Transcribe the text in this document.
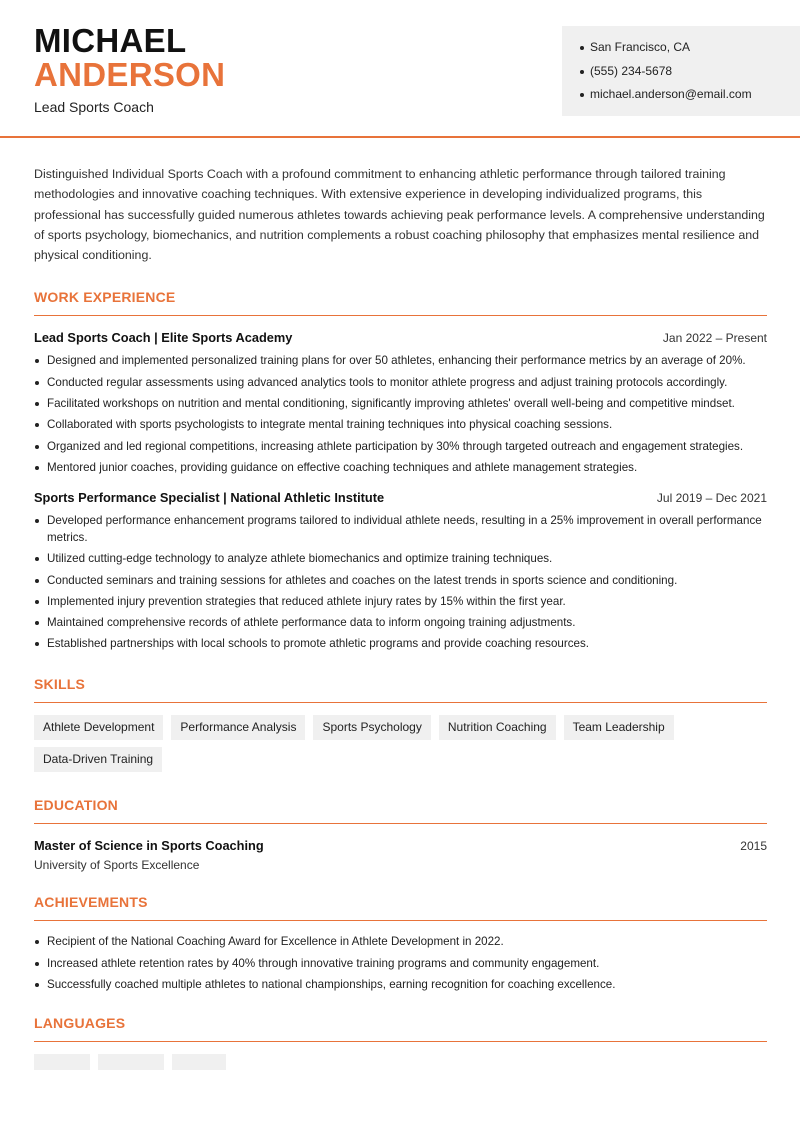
MICHAEL
ANDERSON
Lead Sports Coach
San Francisco, CA
(555) 234-5678
michael.anderson@email.com

Distinguished Individual Sports Coach with a profound commitment to enhancing athletic performance through tailored training methodologies and innovative coaching techniques. With extensive experience in developing individualized programs, this professional has successfully guided numerous athletes towards achieving peak performance levels. A comprehensive understanding of sports psychology, biomechanics, and nutrition complements a robust coaching philosophy that emphasizes mental resilience and physical conditioning.

WORK EXPERIENCE
Lead Sports Coach | Elite Sports Academy	Jan 2022 – Present
Designed and implemented personalized training plans for over 50 athletes, enhancing their performance metrics by an average of 20%.
Conducted regular assessments using advanced analytics tools to monitor athlete progress and adjust training protocols accordingly.
Facilitated workshops on nutrition and mental conditioning, significantly improving athletes' overall well-being and competitive mindset.
Collaborated with sports psychologists to integrate mental training techniques into physical coaching sessions.
Organized and led regional competitions, increasing athlete participation by 30% through targeted outreach and engagement strategies.
Mentored junior coaches, providing guidance on effective coaching techniques and athlete management strategies.
Sports Performance Specialist | National Athletic Institute	Jul 2019 – Dec 2021
Developed performance enhancement programs tailored to individual athlete needs, resulting in a 25% improvement in overall performance metrics.
Utilized cutting-edge technology to analyze athlete biomechanics and optimize training techniques.
Conducted seminars and training sessions for athletes and coaches on the latest trends in sports science and conditioning.
Implemented injury prevention strategies that reduced athlete injury rates by 15% within the first year.
Maintained comprehensive records of athlete performance data to inform ongoing training adjustments.
Established partnerships with local schools to promote athletic programs and provide coaching resources.
SKILLS
Athlete Development	Performance Analysis	Sports Psychology	Nutrition Coaching	Team Leadership
Data-Driven Training
EDUCATION
Master of Science in Sports Coaching	2015
University of Sports Excellence
ACHIEVEMENTS
Recipient of the National Coaching Award for Excellence in Athlete Development in 2022.
Increased athlete retention rates by 40% through innovative training programs and community engagement.
Successfully coached multiple athletes to national championships, earning recognition for coaching excellence.
LANGUAGES
